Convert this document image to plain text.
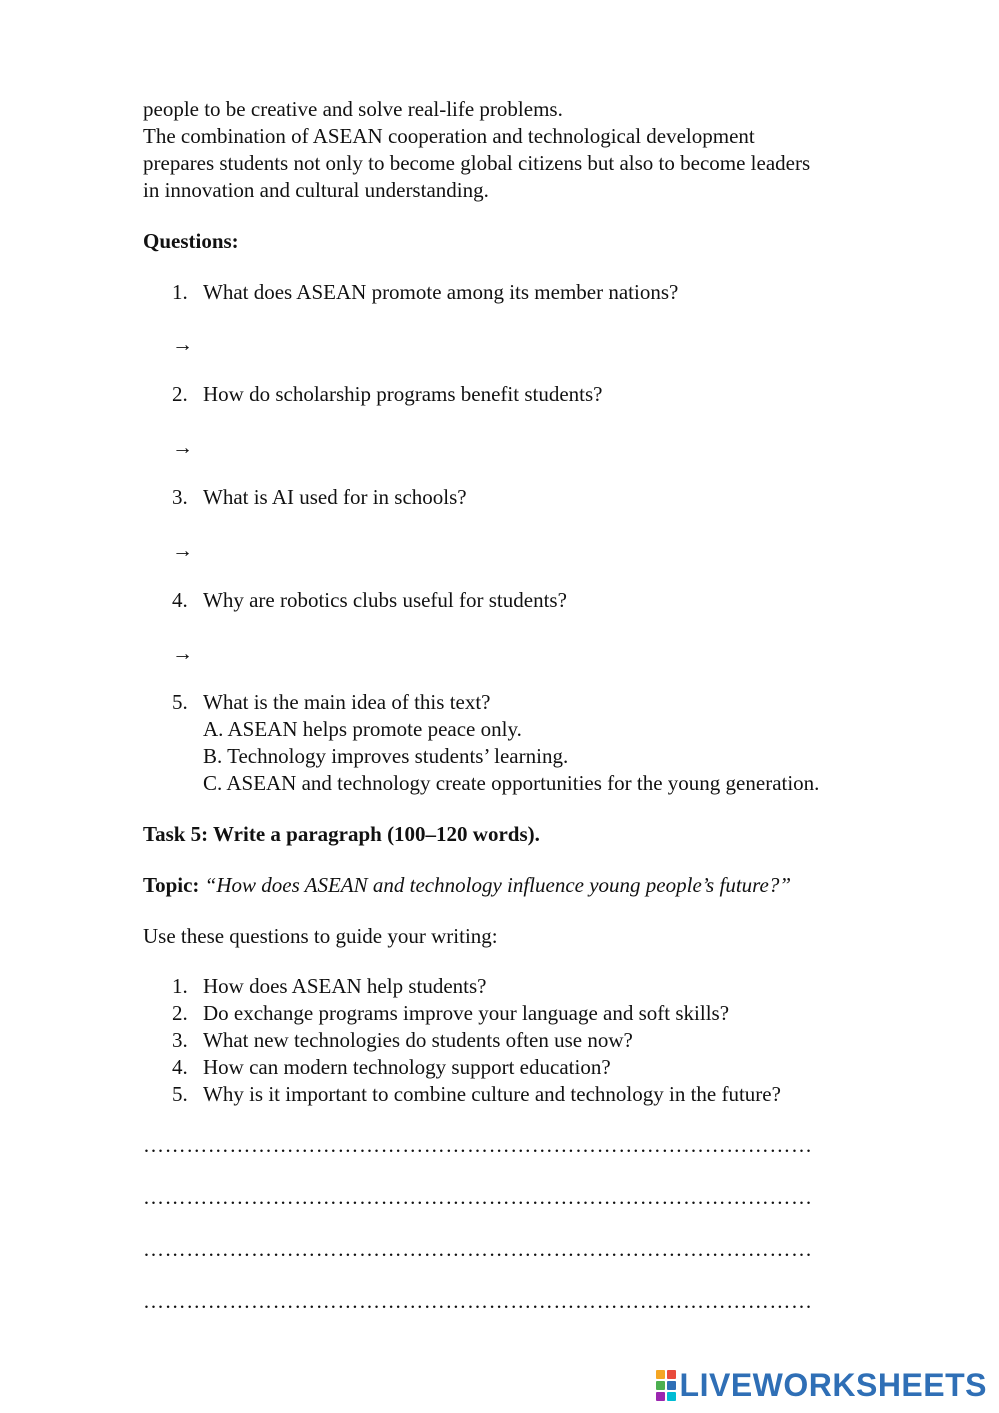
people to be creative and solve real-life problems.
The combination of ASEAN cooperation and technological development
prepares students not only to become global citizens but also to become leaders
in innovation and cultural understanding.
Questions:
1. What does ASEAN promote among its member nations?
→
2. How do scholarship programs benefit students?
→
3. What is AI used for in schools?
→
4. Why are robotics clubs useful for students?
→
5. What is the main idea of this text?
A. ASEAN helps promote peace only.
B. Technology improves students’ learning.
C. ASEAN and technology create opportunities for the young generation.
Task 5: Write a paragraph (100–120 words).
Topic: “How does ASEAN and technology influence young people’s future?”
Use these questions to guide your writing:
1. How does ASEAN help students?
2. Do exchange programs improve your language and soft skills?
3. What new technologies do students often use now?
4. How can modern technology support education?
5. Why is it important to combine culture and technology in the future?
…………………………………………………………………………………
…………………………………………………………………………………
…………………………………………………………………………………
…………………………………………………………………………………
LIVEWORKSHEETS
